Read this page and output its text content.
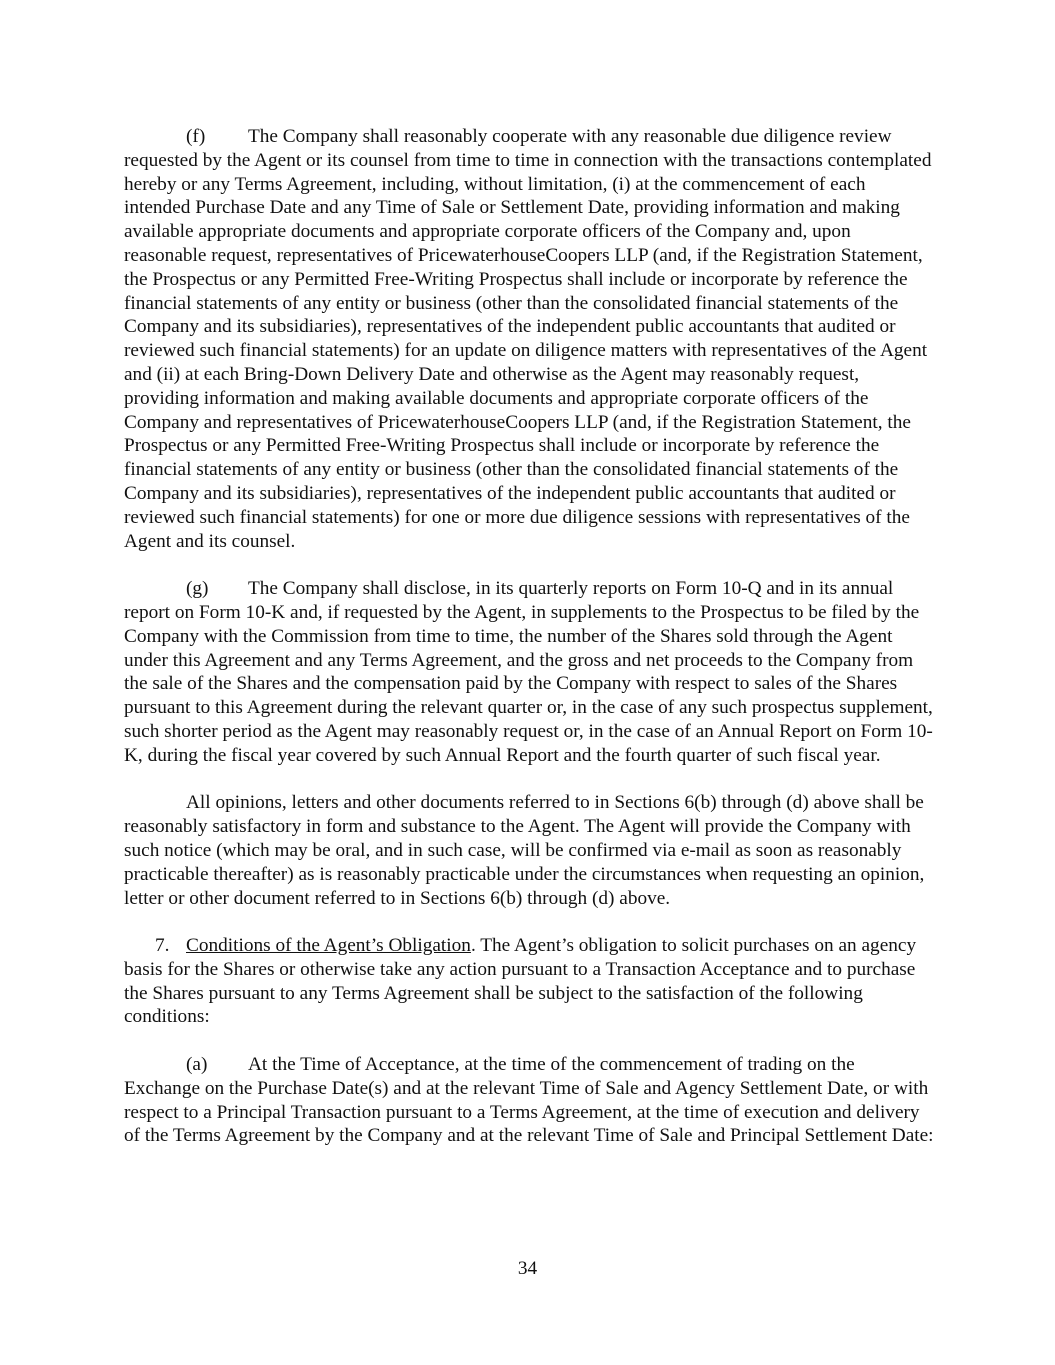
(f) The Company shall reasonably cooperate with any reasonable due diligence review requested by the Agent or its counsel from time to time in connection with the transactions contemplated hereby or any Terms Agreement, including, without limitation, (i) at the commencement of each intended Purchase Date and any Time of Sale or Settlement Date, providing information and making available appropriate documents and appropriate corporate officers of the Company and, upon reasonable request, representatives of PricewaterhouseCoopers LLP (and, if the Registration Statement, the Prospectus or any Permitted Free-Writing Prospectus shall include or incorporate by reference the financial statements of any entity or business (other than the consolidated financial statements of the Company and its subsidiaries), representatives of the independent public accountants that audited or reviewed such financial statements) for an update on diligence matters with representatives of the Agent and (ii) at each Bring-Down Delivery Date and otherwise as the Agent may reasonably request, providing information and making available documents and appropriate corporate officers of the Company and representatives of PricewaterhouseCoopers LLP (and, if the Registration Statement, the Prospectus or any Permitted Free-Writing Prospectus shall include or incorporate by reference the financial statements of any entity or business (other than the consolidated financial statements of the Company and its subsidiaries), representatives of the independent public accountants that audited or reviewed such financial statements) for one or more due diligence sessions with representatives of the Agent and its counsel.

(g) The Company shall disclose, in its quarterly reports on Form 10-Q and in its annual report on Form 10-K and, if requested by the Agent, in supplements to the Prospectus to be filed by the Company with the Commission from time to time, the number of the Shares sold through the Agent under this Agreement and any Terms Agreement, and the gross and net proceeds to the Company from the sale of the Shares and the compensation paid by the Company with respect to sales of the Shares pursuant to this Agreement during the relevant quarter or, in the case of any such prospectus supplement, such shorter period as the Agent may reasonably request or, in the case of an Annual Report on Form 10-K, during the fiscal year covered by such Annual Report and the fourth quarter of such fiscal year.

All opinions, letters and other documents referred to in Sections 6(b) through (d) above shall be reasonably satisfactory in form and substance to the Agent. The Agent will provide the Company with such notice (which may be oral, and in such case, will be confirmed via e-mail as soon as reasonably practicable thereafter) as is reasonably practicable under the circumstances when requesting an opinion, letter or other document referred to in Sections 6(b) through (d) above.

7. Conditions of the Agent’s Obligation. The Agent’s obligation to solicit purchases on an agency basis for the Shares or otherwise take any action pursuant to a Transaction Acceptance and to purchase the Shares pursuant to any Terms Agreement shall be subject to the satisfaction of the following conditions:

(a) At the Time of Acceptance, at the time of the commencement of trading on the Exchange on the Purchase Date(s) and at the relevant Time of Sale and Agency Settlement Date, or with respect to a Principal Transaction pursuant to a Terms Agreement, at the time of execution and delivery of the Terms Agreement by the Company and at the relevant Time of Sale and Principal Settlement Date:

34
